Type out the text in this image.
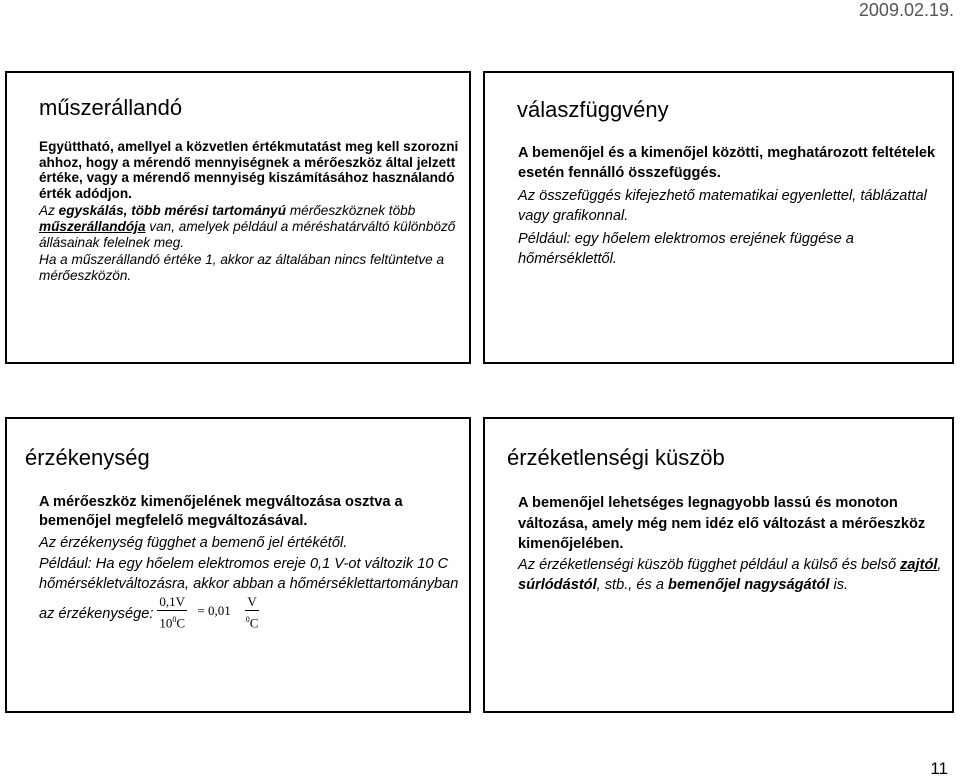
2009.02.19.
műszerállandó

Együttható, amellyel a közvetlen értékmutatást meg kell szorozni ahhoz, hogy a mérendő mennyiségnek a mérőeszköz által jelzett értéke, vagy a mérendő mennyiség kiszámításához használandó érték adódjon.

Az egyskálás, több mérési tartományú mérőeszköznek több műszerállandója van, amelyek például a méréshatárváltó különböző állásainak felelnek meg.

Ha a műszerállandó értéke 1, akkor az általában nincs feltüntetve a mérőeszközön.

válaszfüggvény

A bemenőjel és a kimenőjel közötti, meghatározott feltételek esetén fennálló összefüggés.

Az összefüggés kifejezhető matematikai egyenlettel, táblázattal vagy grafikonnal.

Például: egy hőelem elektromos erejének függése a hőmérséklettől.

érzékenység

A mérőeszköz kimenőjelének megváltozása osztva a bemenőjel megfelelő megváltozásával.

Az érzékenység függhet a bemenő jel értékétől.

Például: Ha egy hőelem elektromos ereje 0,1 V-ot változik 10 C hőmérsékletváltozásra, akkor abban a hőmérséklettartományban az érzékenysége: $\frac{0,1V}{10^0C} = 0,01 \frac{V}{^0C}$

érzéketlenségi küszöb

A bemenőjel lehetséges legnagyobb lassú és monoton változása, amely még nem idéz elő változást a mérőeszköz kimenőjelében.

Az érzéketlenségi küszöb függhet például a külső és belső zajtól, súrlódástól, stb., és a bemenőjel nagyságától is.

11
